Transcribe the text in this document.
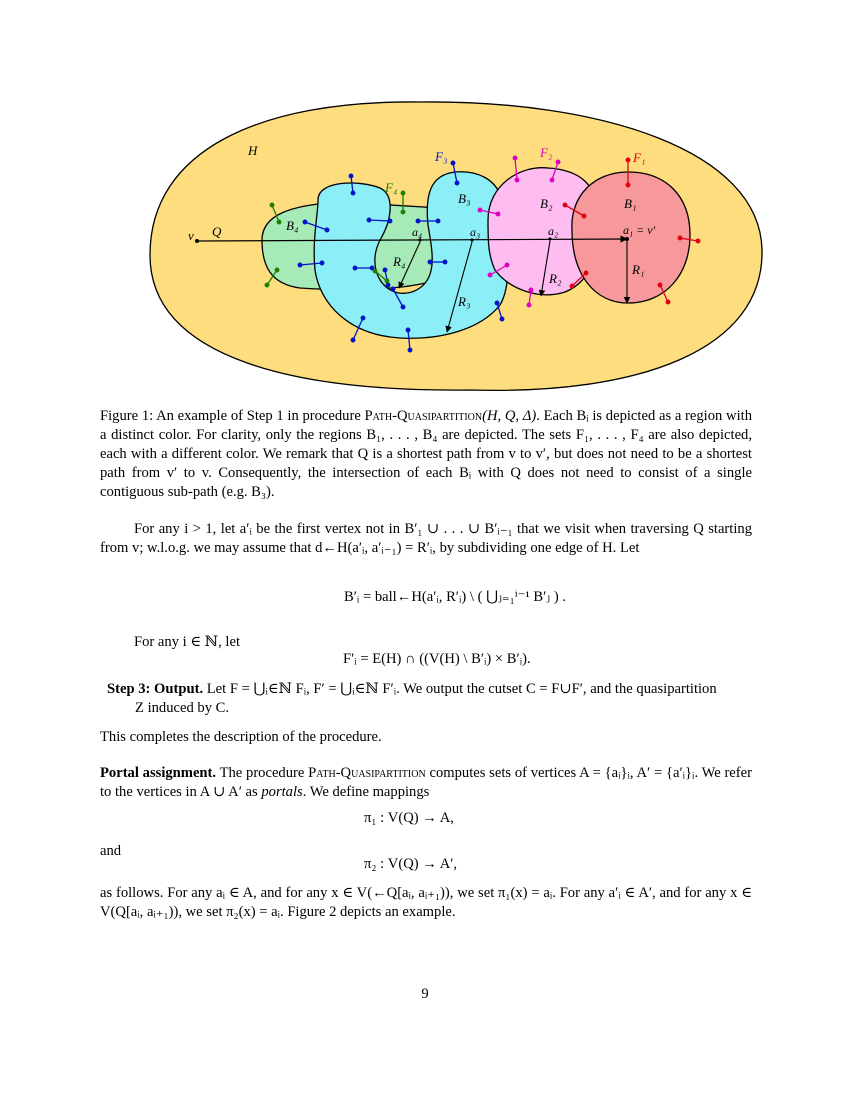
H
Q
v
F₁
F₂
F₃
F₄
B₁
B₂
B₃
B₄	a₁ = v′
a₂
a₃
a₄
R₁
R₂
R₃
R₄
Figure 1: An example of Step 1 in procedure Path-Quasipartition(H, Q, Δ). Each Bᵢ is depicted as a region with a distinct color. For clarity, only the regions B₁, . . . , B₄ are depicted. The sets F₁, . . . , F₄ are also depicted, each with a different color. We remark that Q is a shortest path from v to v′, but does not need to be a shortest path from v′ to v. Consequently, the intersection of each Bᵢ with Q does not need to consist of a single contiguous sub-path (e.g. B₃).
For any i > 1, let a′ᵢ be the first vertex not in B′₁ ∪ . . . ∪ B′ᵢ₋₁ that we visit when traversing Q starting from v; w.l.o.g. we may assume that d←H(a′ᵢ, a′ᵢ₋₁) = R′ᵢ, by subdividing one edge of H. Let
B′ᵢ = ball←H(a′ᵢ, R′ᵢ) \ ( ⋃ⱼ₌₁ⁱ⁻¹ B′ⱼ ) .
For any i ∈ ℕ, let
F′ᵢ = E(H) ∩ ((V(H) \ B′ᵢ) × B′ᵢ).
Step 3: Output. Let F = ⋃ᵢ∈ℕ Fᵢ, F′ = ⋃ᵢ∈ℕ F′ᵢ. We output the cutset C = F∪F′, and the quasipartition
Z induced by C.
This completes the description of the procedure.
Portal assignment. The procedure Path-Quasipartition computes sets of vertices A = {aᵢ}ᵢ, A′ = {a′ᵢ}ᵢ. We refer to the vertices in A ∪ A′ as portals. We define mappings
π₁ : V(Q) → A,
and
π₂ : V(Q) → A′,
as follows. For any aᵢ ∈ A, and for any x ∈ V(←Q[aᵢ, aᵢ₊₁)), we set π₁(x) = aᵢ. For any a′ᵢ ∈ A′, and for any x ∈ V(Q[aᵢ, aᵢ₊₁)), we set π₂(x) = aᵢ. Figure 2 depicts an example.
9
